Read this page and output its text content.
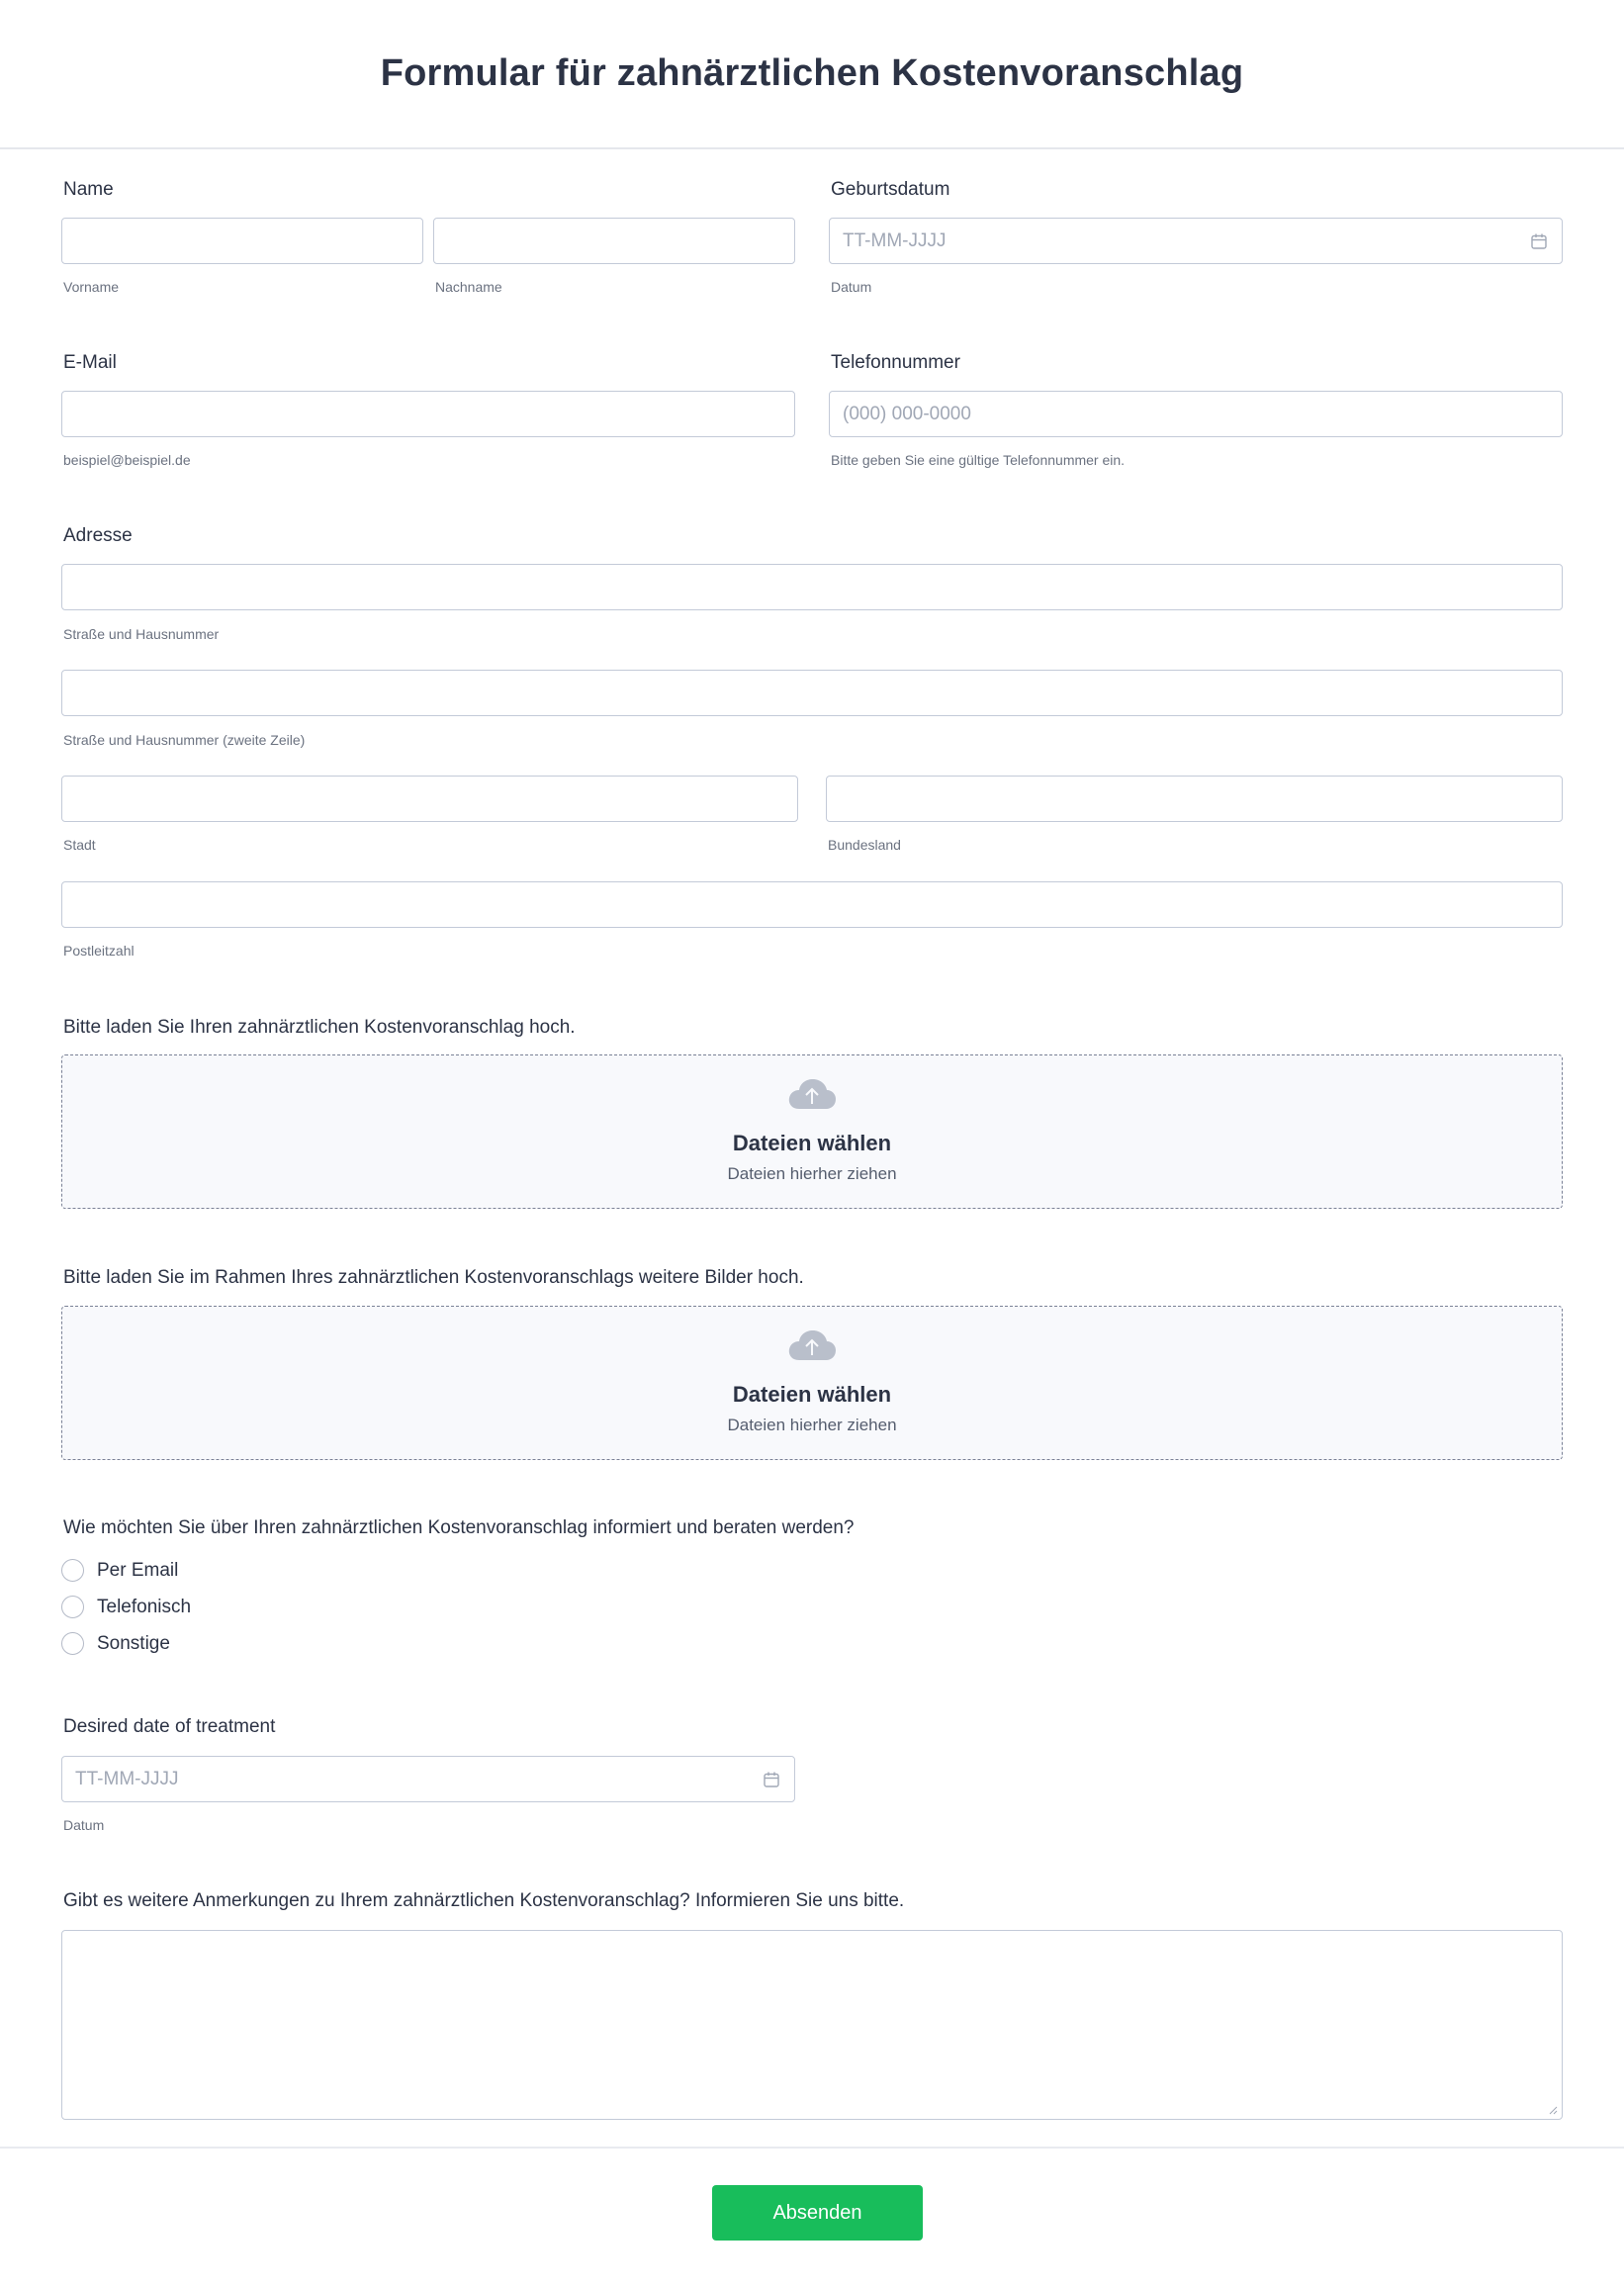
Formular für zahnärztlichen Kostenvoranschlag
Name
Vorname	Nachname
Geburtsdatum
TT-MM-JJJJ
Datum
E-Mail
beispiel@beispiel.de
Telefonnummer
(000) 000-0000
Bitte geben Sie eine gültige Telefonnummer ein.
Adresse
Straße und Hausnummer
Straße und Hausnummer (zweite Zeile)
Stadt	Bundesland
Postleitzahl
Bitte laden Sie Ihren zahnärztlichen Kostenvoranschlag hoch.
Dateien wählen
Dateien hierher ziehen
Bitte laden Sie im Rahmen Ihres zahnärztlichen Kostenvoranschlags weitere Bilder hoch.
Dateien wählen
Dateien hierher ziehen
Wie möchten Sie über Ihren zahnärztlichen Kostenvoranschlag informiert und beraten werden?
Per Email
Telefonisch
Sonstige
Desired date of treatment
TT-MM-JJJJ
Datum
Gibt es weitere Anmerkungen zu Ihrem zahnärztlichen Kostenvoranschlag? Informieren Sie uns bitte.
Absenden
